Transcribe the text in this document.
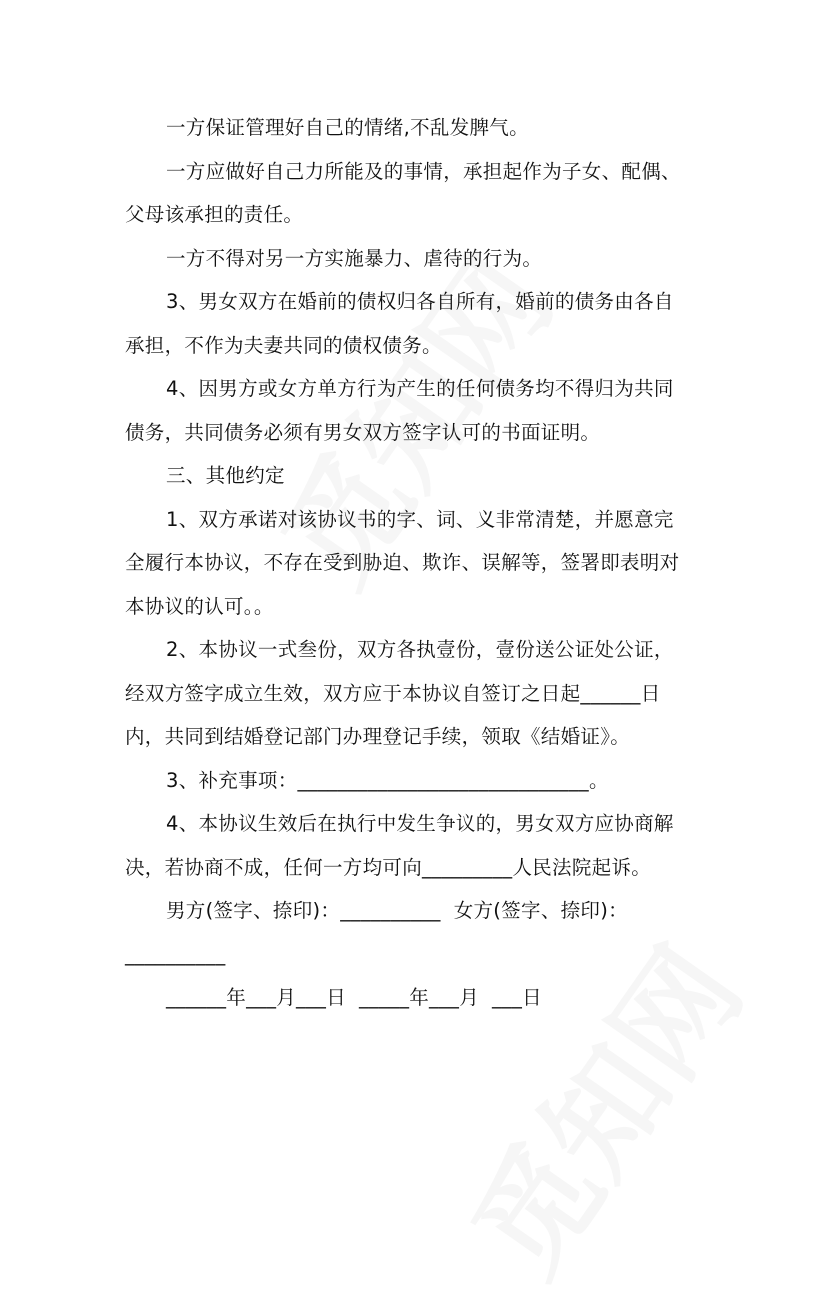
一方保证管理好自己的情绪,不乱发脾气。
一方应做好自己力所能及的事情，承担起作为子女、配偶、
父母该承担的责任。
一方不得对另一方实施暴力、虐待的行为。
3、男女双方在婚前的债权归各自所有，婚前的债务由各自
承担，不作为夫妻共同的债权债务。
4、因男方或女方单方行为产生的任何债务均不得归为共同
债务，共同债务必须有男女双方签字认可的书面证明。
三、其他约定
1、双方承诺对该协议书的字、词、义非常清楚，并愿意完
全履行本协议，不存在受到胁迫、欺诈、误解等，签署即表明对
本协议的认可。。
2、本协议一式叁份，双方各执壹份，壹份送公证处公证，
经双方签字成立生效，双方应于本协议自签订之日起______日
内，共同到结婚登记部门办理登记手续，领取《结婚证》。
3、补充事项：_____________________________。
4、本协议生效后在执行中发生争议的，男女双方应协商解
决，若协商不成，任何一方均可向_________人民法院起诉。
男方(签字、捺印)：__________  女方(签字、捺印)：
__________
______年___月___日  _____年___月  ___日
